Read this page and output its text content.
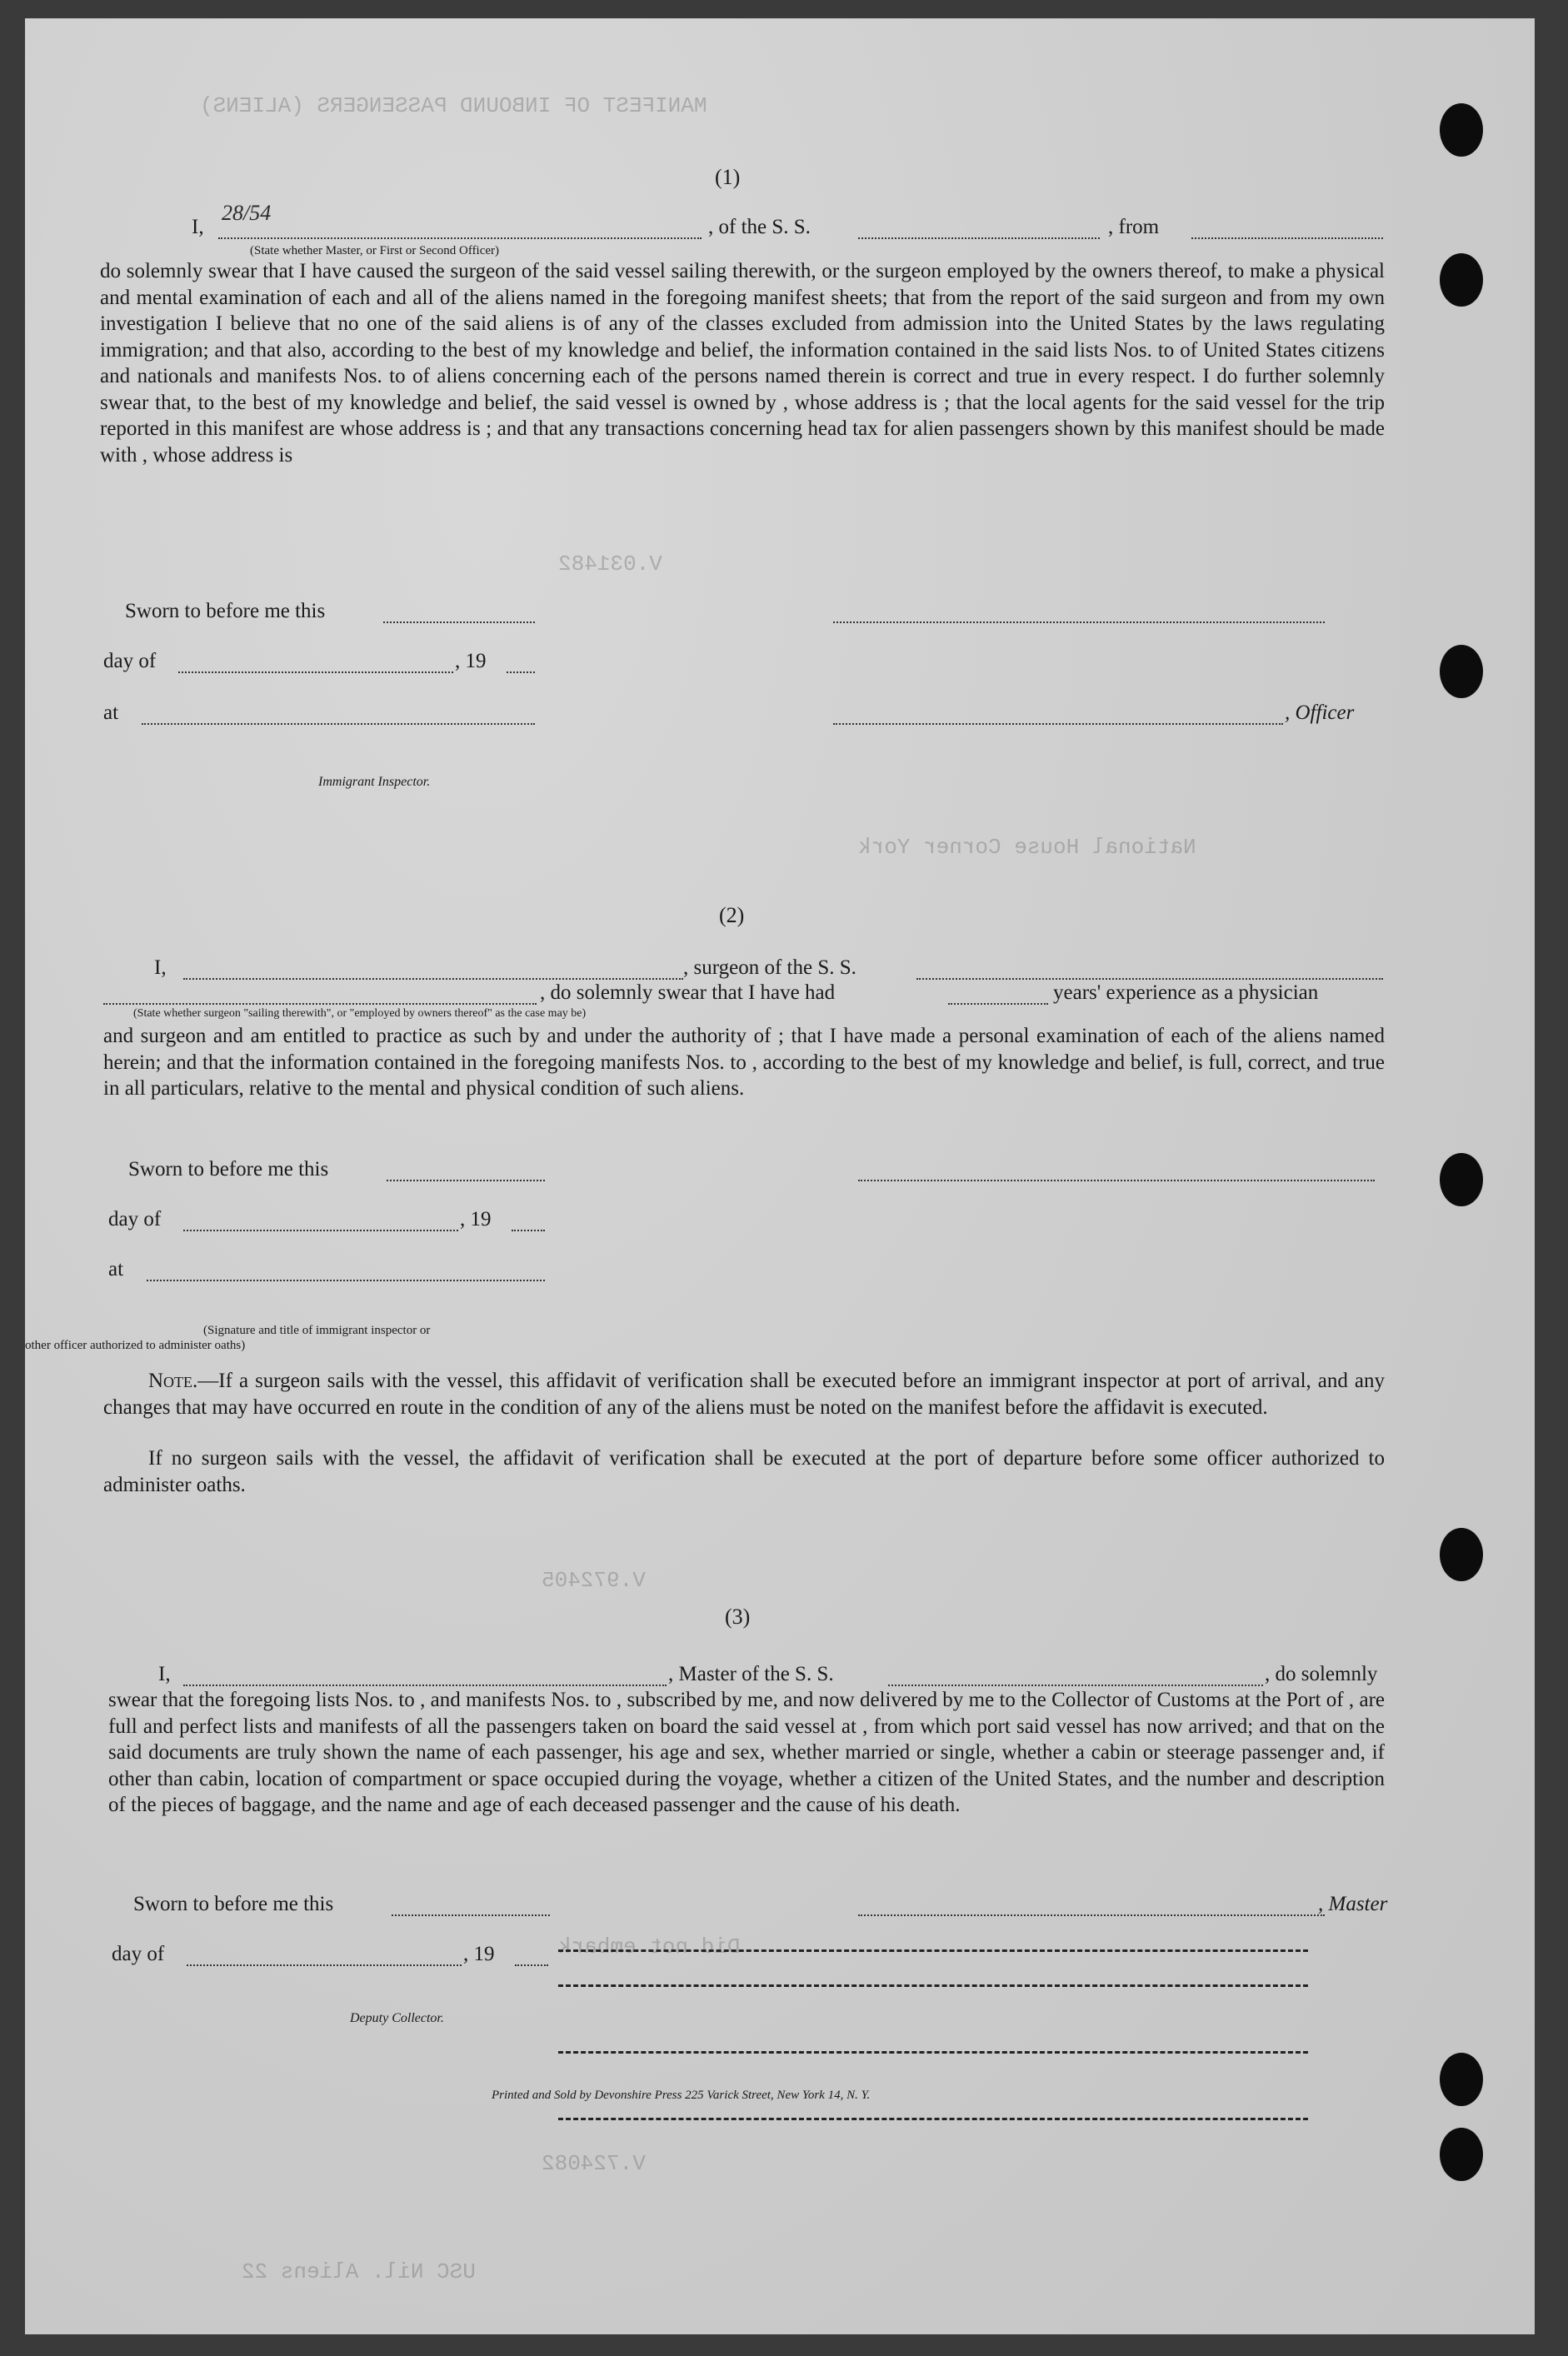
MANIFEST OF INBOUND PASSENGERS (ALIENS)
V.031482
National House Corner York
V.972405
Did not embark
V.724082
USC Nil. Aliens 22
28/54
(1)
I,	, of the S. S.	, from
(State whether Master, or First or Second Officer)
do solemnly swear that I have caused the surgeon of the said vessel sailing therewith, or the surgeon employed by the owners thereof, to make a physical and mental examination of each and all of the aliens named in the foregoing manifest sheets; that from the report of the said surgeon and from my own investigation I believe that no one of the said aliens is of any of the classes excluded from admission into the United States by the laws regulating immigration; and that also, according to the best of my knowledge and belief, the information contained in the said lists Nos. to of United States citizens and nationals and manifests Nos. to of aliens concerning each of the persons named therein is correct and true in every respect. I do further solemnly swear that, to the best of my knowledge and belief, the said vessel is owned by , whose address is ; that the local agents for the said vessel for the trip reported in this manifest are whose address is ; and that any transactions concerning head tax for alien passengers shown by this manifest should be made with , whose address is
Sworn to before me this
day of	, 19
at	, Officer
Immigrant Inspector.
(2)
I,	, surgeon of the S. S.
, do solemnly swear that I have had	years' experience as a physician
(State whether surgeon "sailing therewith", or "employed by owners thereof" as the case may be)
and surgeon and am entitled to practice as such by and under the authority of ; that I have made a personal examination of each of the aliens named herein; and that the information contained in the foregoing manifests Nos. to , according to the best of my knowledge and belief, is full, correct, and true in all particulars, relative to the mental and physical condition of such aliens.
Sworn to before me this
day of	, 19
at
(Signature and title of immigrant inspector or
other officer authorized to administer oaths)
Note.—If a surgeon sails with the vessel, this affidavit of verification shall be executed before an immigrant inspector at port of arrival, and any changes that may have occurred en route in the condition of any of the aliens must be noted on the manifest before the affidavit is executed.
If no surgeon sails with the vessel, the affidavit of verification shall be executed at the port of departure before some officer authorized to administer oaths.
(3)
I,	, Master of the S. S.	, do solemnly
swear that the foregoing lists Nos. to , and manifests Nos. to , subscribed by me, and now delivered by me to the Collector of Customs at the Port of , are full and perfect lists and manifests of all the passengers taken on board the said vessel at , from which port said vessel has now arrived; and that on the said documents are truly shown the name of each passenger, his age and sex, whether married or single, whether a cabin or steerage passenger and, if other than cabin, location of compartment or space occupied during the voyage, whether a citizen of the United States, and the number and description of the pieces of baggage, and the name and age of each deceased passenger and the cause of his death.
Sworn to before me this	, Master
day of	, 19
Deputy Collector.
Printed and Sold by Devonshire Press 225 Varick Street, New York 14, N. Y.
